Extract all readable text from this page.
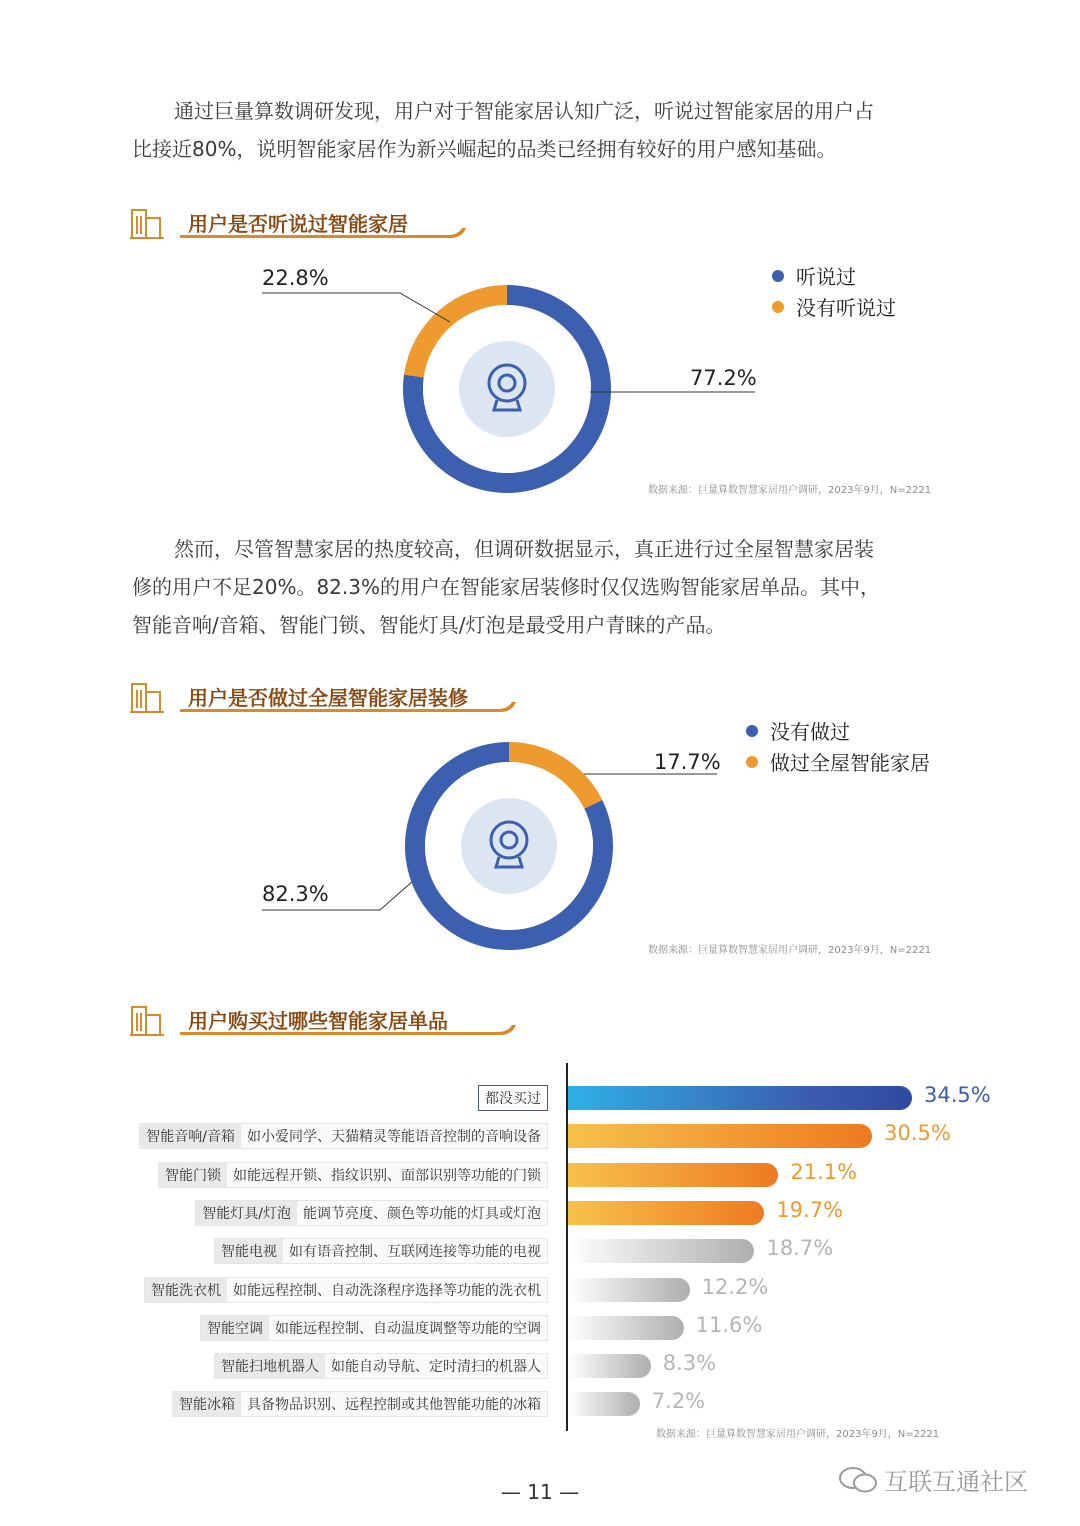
通过巨量算数调研发现，用户对于智能家居认知广泛，听说过智能家居的用户占
比接近80%，说明智能家居作为新兴崛起的品类已经拥有较好的用户感知基础。

用户是否听说过智能家居
22.8%
77.2%
听说过
没有听说过
数据来源：巨量算数智慧家居用户调研，2023年9月，N=2221

然而，尽管智慧家居的热度较高，但调研数据显示，真正进行过全屋智慧家居装
修的用户不足20%。82.3%的用户在智能家居装修时仅仅选购智能家居单品。其中，
智能音响/音箱、智能门锁、智能灯具/灯泡是最受用户青睐的产品。

用户是否做过全屋智能家居装修
17.7%
82.3%
没有做过
做过全屋智能家居
数据来源：巨量算数智慧家居用户调研，2023年9月，N=2221
用户购买过哪些智能家居单品
都没买过	34.5%
智能音响/音箱 如小爱同学、天猫精灵等能语音控制的音响设备	30.5%
智能门锁 如能远程开锁、指纹识别、面部识别等功能的门锁	21.1%
智能灯具/灯泡 能调节亮度、颜色等功能的灯具或灯泡	19.7%
智能电视 如有语音控制、互联网连接等功能的电视	18.7%
智能洗衣机 如能远程控制、自动洗涤程序选择等功能的洗衣机	12.2%
智能空调 如能远程控制、自动温度调整等功能的空调	11.6%
智能扫地机器人 如能自动导航、定时清扫的机器人	8.3%
智能冰箱 具备物品识别、远程控制或其他智能功能的冰箱	7.2%
数据来源：巨量算数智慧家居用户调研，2023年9月，N=2221
— 11 —	互联互通社区
